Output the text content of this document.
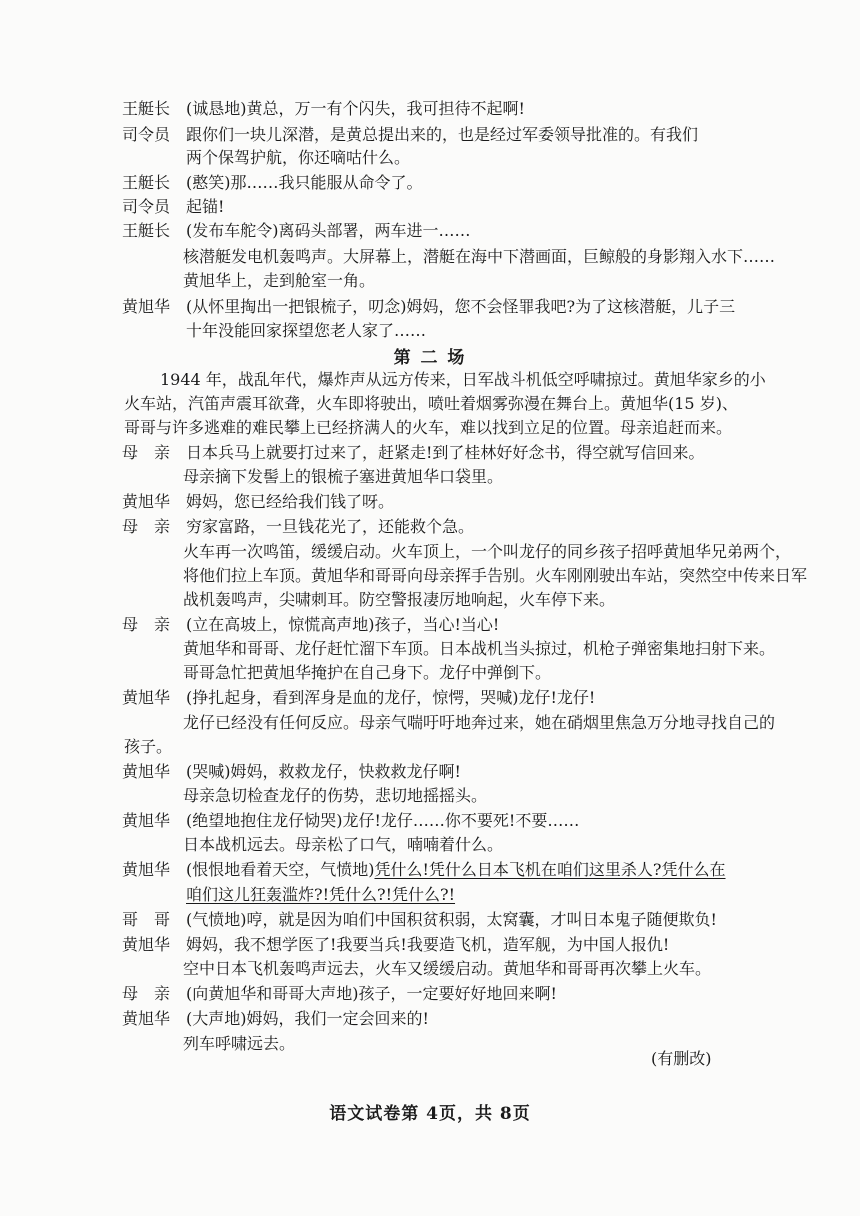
王艇长 (诚恳地)黄总，万一有个闪失，我可担待不起啊!
司令员 跟你们一块儿深潜，是黄总提出来的，也是经过军委领导批准的。有我们
两个保驾护航，你还嘀咕什么。
王艇长 (憨笑)那……我只能服从命令了。
司令员 起锚!
王艇长 (发布车舵令)离码头部署，两车进一……
核潜艇发电机轰鸣声。大屏幕上，潜艇在海中下潜画面，巨鲸般的身影翔入水下……
黄旭华上，走到舱室一角。
黄旭华 (从怀里掏出一把银梳子，叨念)姆妈，您不会怪罪我吧?为了这核潜艇，儿子三
十年没能回家探望您老人家了……
第 二 场
1944 年，战乱年代，爆炸声从远方传来，日军战斗机低空呼啸掠过。黄旭华家乡的小
火车站，汽笛声震耳欲聋，火车即将驶出，喷吐着烟雾弥漫在舞台上。黄旭华(15 岁)、
哥哥与许多逃难的难民攀上已经挤满人的火车，难以找到立足的位置。母亲追赶而来。
母　亲 日本兵马上就要打过来了，赶紧走!到了桂林好好念书，得空就写信回来。
母亲摘下发髻上的银梳子塞进黄旭华口袋里。
黄旭华 姆妈，您已经给我们钱了呀。
母　亲 穷家富路，一旦钱花光了，还能救个急。
火车再一次鸣笛，缓缓启动。火车顶上，一个叫龙仔的同乡孩子招呼黄旭华兄弟两个，
将他们拉上车顶。黄旭华和哥哥向母亲挥手告别。火车刚刚驶出车站，突然空中传来日军
战机轰鸣声，尖啸刺耳。防空警报凄厉地响起，火车停下来。
母　亲 (立在高坡上，惊慌高声地)孩子，当心!当心!
黄旭华和哥哥、龙仔赶忙溜下车顶。日本战机当头掠过，机枪子弹密集地扫射下来。
哥哥急忙把黄旭华掩护在自己身下。龙仔中弹倒下。
黄旭华 (挣扎起身，看到浑身是血的龙仔，惊愕，哭喊)龙仔!龙仔!
龙仔已经没有任何反应。母亲气喘吁吁地奔过来，她在硝烟里焦急万分地寻找自己的
孩子。
黄旭华 (哭喊)姆妈，救救龙仔，快救救龙仔啊!
母亲急切检查龙仔的伤势，悲切地摇摇头。
黄旭华 (绝望地抱住龙仔恸哭)龙仔!龙仔……你不要死!不要……
日本战机远去。母亲松了口气，喃喃着什么。
黄旭华 (恨恨地看着天空，气愤地)凭什么!凭什么日本飞机在咱们这里杀人?凭什么在
咱们这儿狂轰滥炸?!凭什么?!凭什么?!
哥　哥 (气愤地)哼，就是因为咱们中国积贫积弱，太窝囊，才叫日本鬼子随便欺负!
黄旭华 姆妈，我不想学医了!我要当兵!我要造飞机，造军舰，为中国人报仇!
空中日本飞机轰鸣声远去，火车又缓缓启动。黄旭华和哥哥再次攀上火车。
母　亲 (向黄旭华和哥哥大声地)孩子，一定要好好地回来啊!
黄旭华 (大声地)姆妈，我们一定会回来的!
列车呼啸远去。
(有删改)
语文试卷第 4页，共 8页
